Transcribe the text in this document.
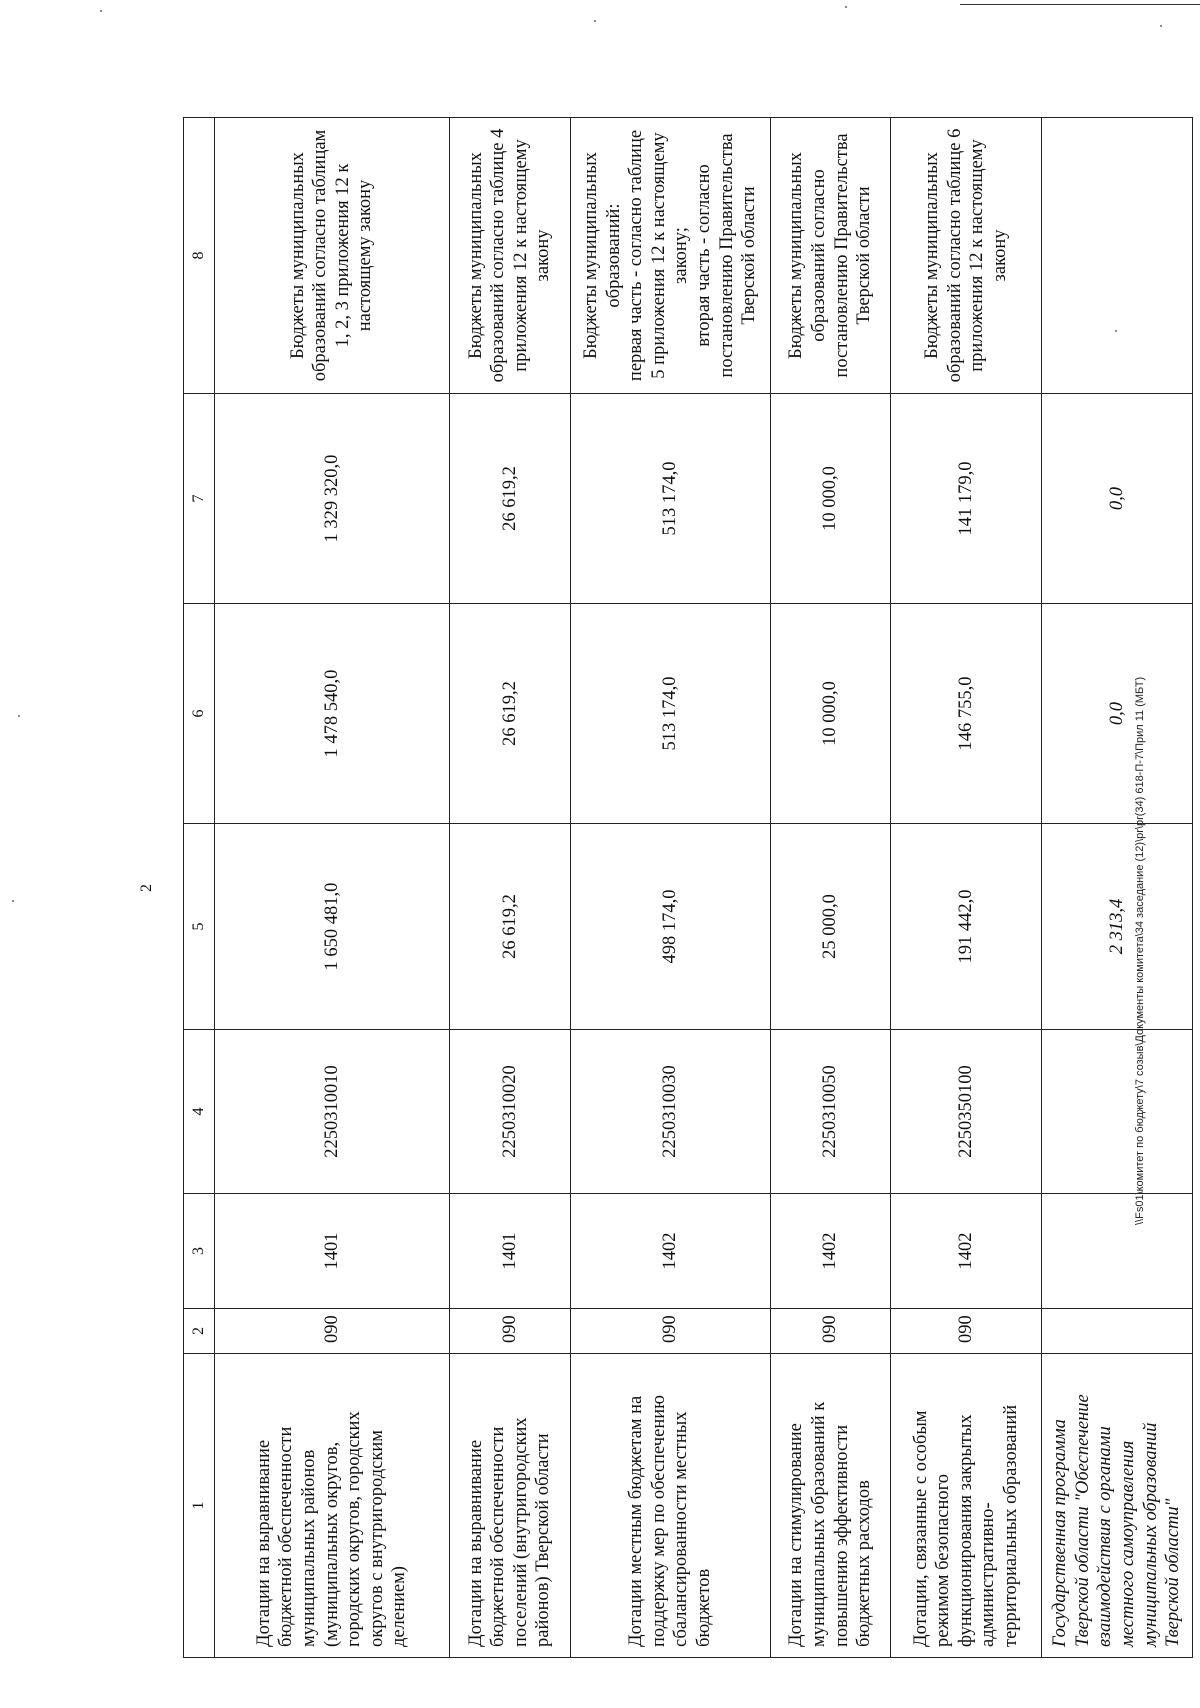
2
1	2	3	4	5	6	7	8
Дотации на выравнивание бюджетной обеспеченности муниципальных районов (муниципальных округов, городских округов, городских округов с внутригородским делением)	090	1401	2250310010	1 650 481,0	1 478 540,0	1 329 320,0	Бюджеты муниципальных образований согласно таблицам 1, 2, 3 приложения 12 к настоящему закону

Дотации на выравнивание бюджетной обеспеченности поселений (внутригородских районов) Тверской области	090	1401	2250310020	26 619,2	26 619,2	26 619,2	Бюджеты муниципальных образований согласно таблице 4 приложения 12 к настоящему закону

Дотации местным бюджетам на поддержку мер по обеспечению сбалансированности местных бюджетов	090	1402	2250310030	498 174,0	513 174,0	513 174,0	Бюджеты муниципальных образований: первая часть - согласно таблице 5 приложения 12 к настоящему закону; вторая часть - согласно постановлению Правительства Тверской области

Дотации на стимулирование муниципальных образований к повышению эффективности бюджетных расходов	090	1402	2250310050	25 000,0	10 000,0	10 000,0	Бюджеты муниципальных образований согласно постановлению Правительства Тверской области

Дотации, связанные с особым режимом безопасного функционирования закрытых административно-территориальных образований	090	1402	2250350100	191 442,0	146 755,0	141 179,0	Бюджеты муниципальных образований согласно таблице 6 приложения 12 к настоящему закону

Государственная программа Тверской области "Обеспечение взаимодействия с органами местного самоуправления муниципальных образований Тверской области"				2 313,4	0,0	0,0	
\\Fs01\комитет по бюджету\7 созыв\Документы комитета\34 заседание (12)\pr\pr(34) 618-П-7\Прил 11 (МБТ)
